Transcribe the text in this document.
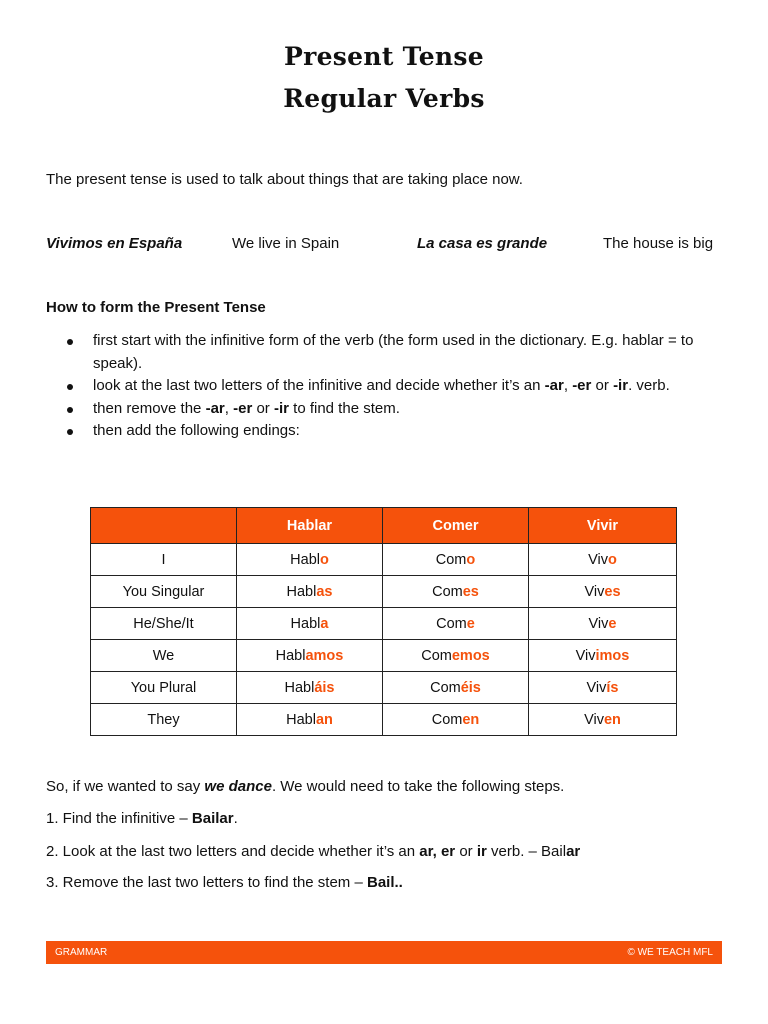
Present Tense
Regular Verbs
The present tense is used to talk about things that are taking place now.
Vivimos en España	We live in Spain	La casa es grande	The house is big
How to form the Present Tense
first start with the infinitive form of the verb (the form used in the dictionary. E.g. hablar = to speak).
look at the last two letters of the infinitive and decide whether it’s an -ar, -er or -ir. verb.
then remove the -ar, -er or -ir to find the stem.
then add the following endings:
	Hablar	Comer	Vivir
I	Hablo	Como	Vivo
You Singular	Hablas	Comes	Vives
He/She/It	Habla	Come	Vive
We	Hablamos	Comemos	Vivimos
You Plural	Habláis	Coméis	Vivís
They	Hablan	Comen	Viven
So, if we wanted to say we dance. We would need to take the following steps.
1. Find the infinitive – Bailar.
2. Look at the last two letters and decide whether it’s an ar, er or ir verb. – Bailar
3. Remove the last two letters to find the stem – Bail..
GRAMMAR	© WE TEACH MFL
